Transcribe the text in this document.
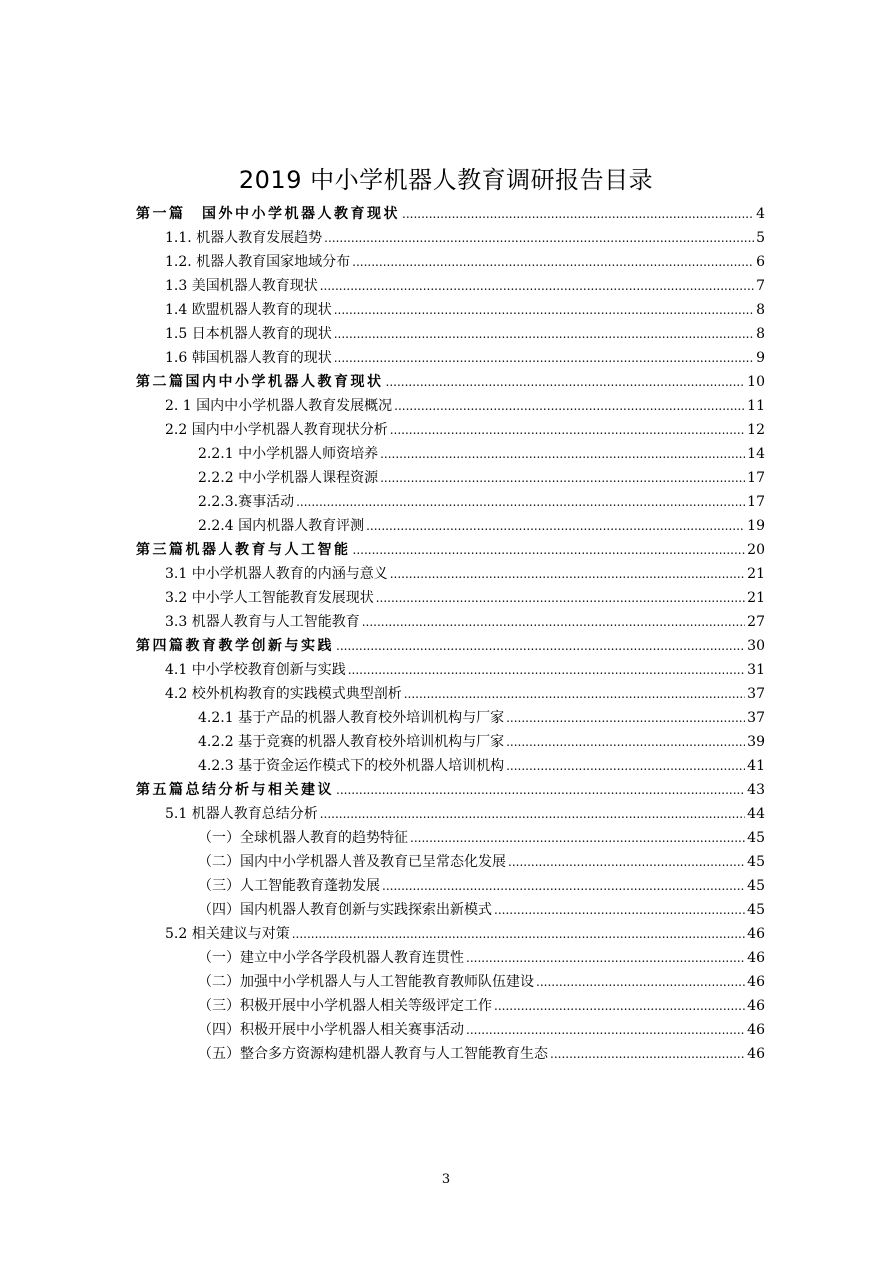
2019 中小学机器人教育调研报告目录
第一篇　国外中小学机器人教育现状 .....	4
1.1. 机器人教育发展趋势 .....	5
1.2. 机器人教育国家地域分布 .....	6
1.3 美国机器人教育现状 .....	7
1.4 欧盟机器人教育的现状 .....	8
1.5 日本机器人教育的现状 .....	8
1.6 韩国机器人教育的现状 .....	9
第二篇国内中小学机器人教育现状 .....	10
2. 1 国内中小学机器人教育发展概况 .....	11
2.2 国内中小学机器人教育现状分析 .....	12
2.2.1 中小学机器人师资培养 .....	14
2.2.2 中小学机器人课程资源 .....	17
2.2.3.赛事活动 .....	17
2.2.4 国内机器人教育评测 .....	19
第三篇机器人教育与人工智能 .....	20
3.1 中小学机器人教育的内涵与意义 .....	21
3.2 中小学人工智能教育发展现状 .....	21
3.3 机器人教育与人工智能教育 .....	27
第四篇教育教学创新与实践 .....	30
4.1 中小学校教育创新与实践 .....	31
4.2 校外机构教育的实践模式典型剖析 .....	37
4.2.1 基于产品的机器人教育校外培训机构与厂家 .....	37
4.2.2 基于竞赛的机器人教育校外培训机构与厂家 .....	39
4.2.3 基于资金运作模式下的校外机器人培训机构 .....	41
第五篇总结分析与相关建议 .....	43
5.1 机器人教育总结分析 .....	44
（一）全球机器人教育的趋势特征 .....	45
（二）国内中小学机器人普及教育已呈常态化发展 .....	45
（三）人工智能教育蓬勃发展 .....	45
（四）国内机器人教育创新与实践探索出新模式 .....	45
5.2 相关建议与对策 .....	46
（一）建立中小学各学段机器人教育连贯性 .....	46
（二）加强中小学机器人与人工智能教育教师队伍建设 .....	46
（三）积极开展中小学机器人相关等级评定工作 .....	46
（四）积极开展中小学机器人相关赛事活动 .....	46
（五）整合多方资源构建机器人教育与人工智能教育生态 .....	46
3
